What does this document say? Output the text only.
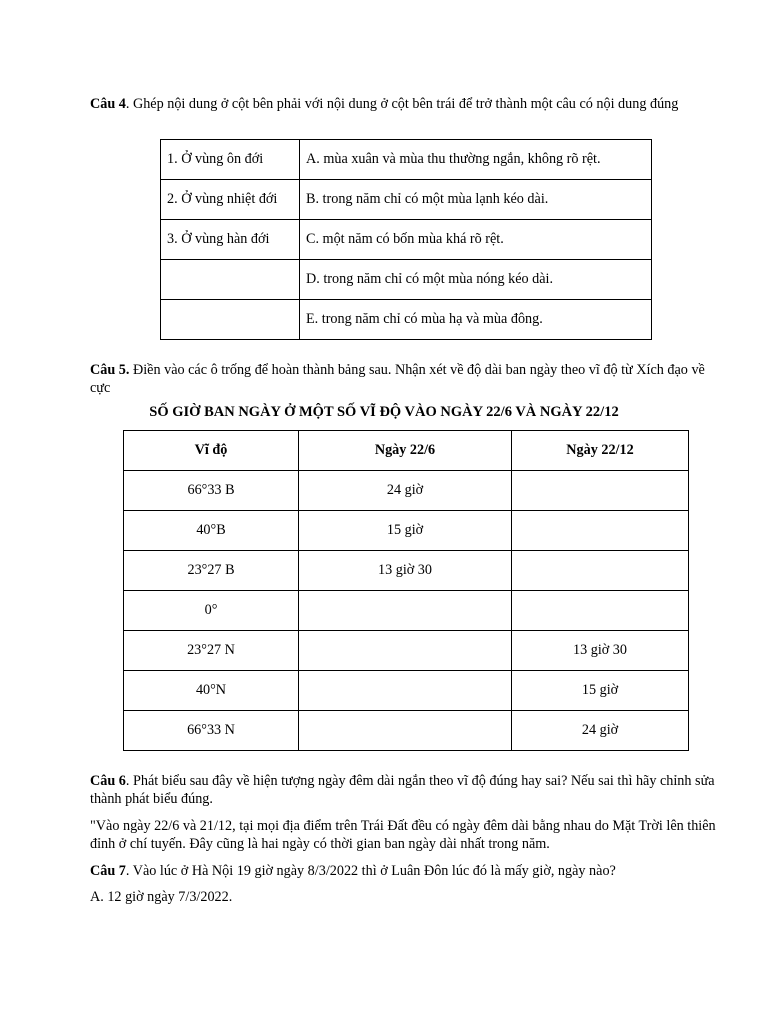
Câu 4. Ghép nội dung ở cột bên phải với nội dung ở cột bên trái để trở thành một câu có nội dung đúng
1. Ở vùng ôn đới	A. mùa xuân và mùa thu thường ngắn, không rõ rệt.
2. Ở vùng nhiệt đới	B. trong năm chỉ có một mùa lạnh kéo dài.
3. Ở vùng hàn đới	C. một năm có bốn mùa khá rõ rệt.
	D. trong năm chỉ có một mùa nóng kéo dài.
	E. trong năm chỉ có mùa hạ và mùa đông.
Câu 5. Điền vào các ô trống để hoàn thành bảng sau. Nhận xét về độ dài ban ngày theo vĩ độ từ Xích đạo về cực
SỐ GIỜ BAN NGÀY Ở MỘT SỐ VĨ ĐỘ VÀO NGÀY 22/6 VÀ NGÀY 22/12
Vĩ độ	Ngày 22/6	Ngày 22/12
66°33 B	24 giờ	
40°B	15 giờ	
23°27 B	13 giờ 30	
0°		
23°27 N		13 giờ 30
40°N		15 giờ
66°33 N		24 giờ
Câu 6. Phát biểu sau đây về hiện tượng ngày đêm dài ngắn theo vĩ độ đúng hay sai? Nếu sai thì hãy chỉnh sửa thành phát biểu đúng.
"Vào ngày 22/6 và 21/12, tại mọi địa điểm trên Trái Đất đều có ngày đêm dài bằng nhau do Mặt Trời lên thiên đỉnh ở chí tuyến. Đây cũng là hai ngày có thời gian ban ngày dài nhất trong năm.
Câu 7. Vào lúc ở Hà Nội 19 giờ ngày 8/3/2022 thì ở Luân Đôn lúc đó là mấy giờ, ngày nào?
A. 12 giờ ngày 7/3/2022.
